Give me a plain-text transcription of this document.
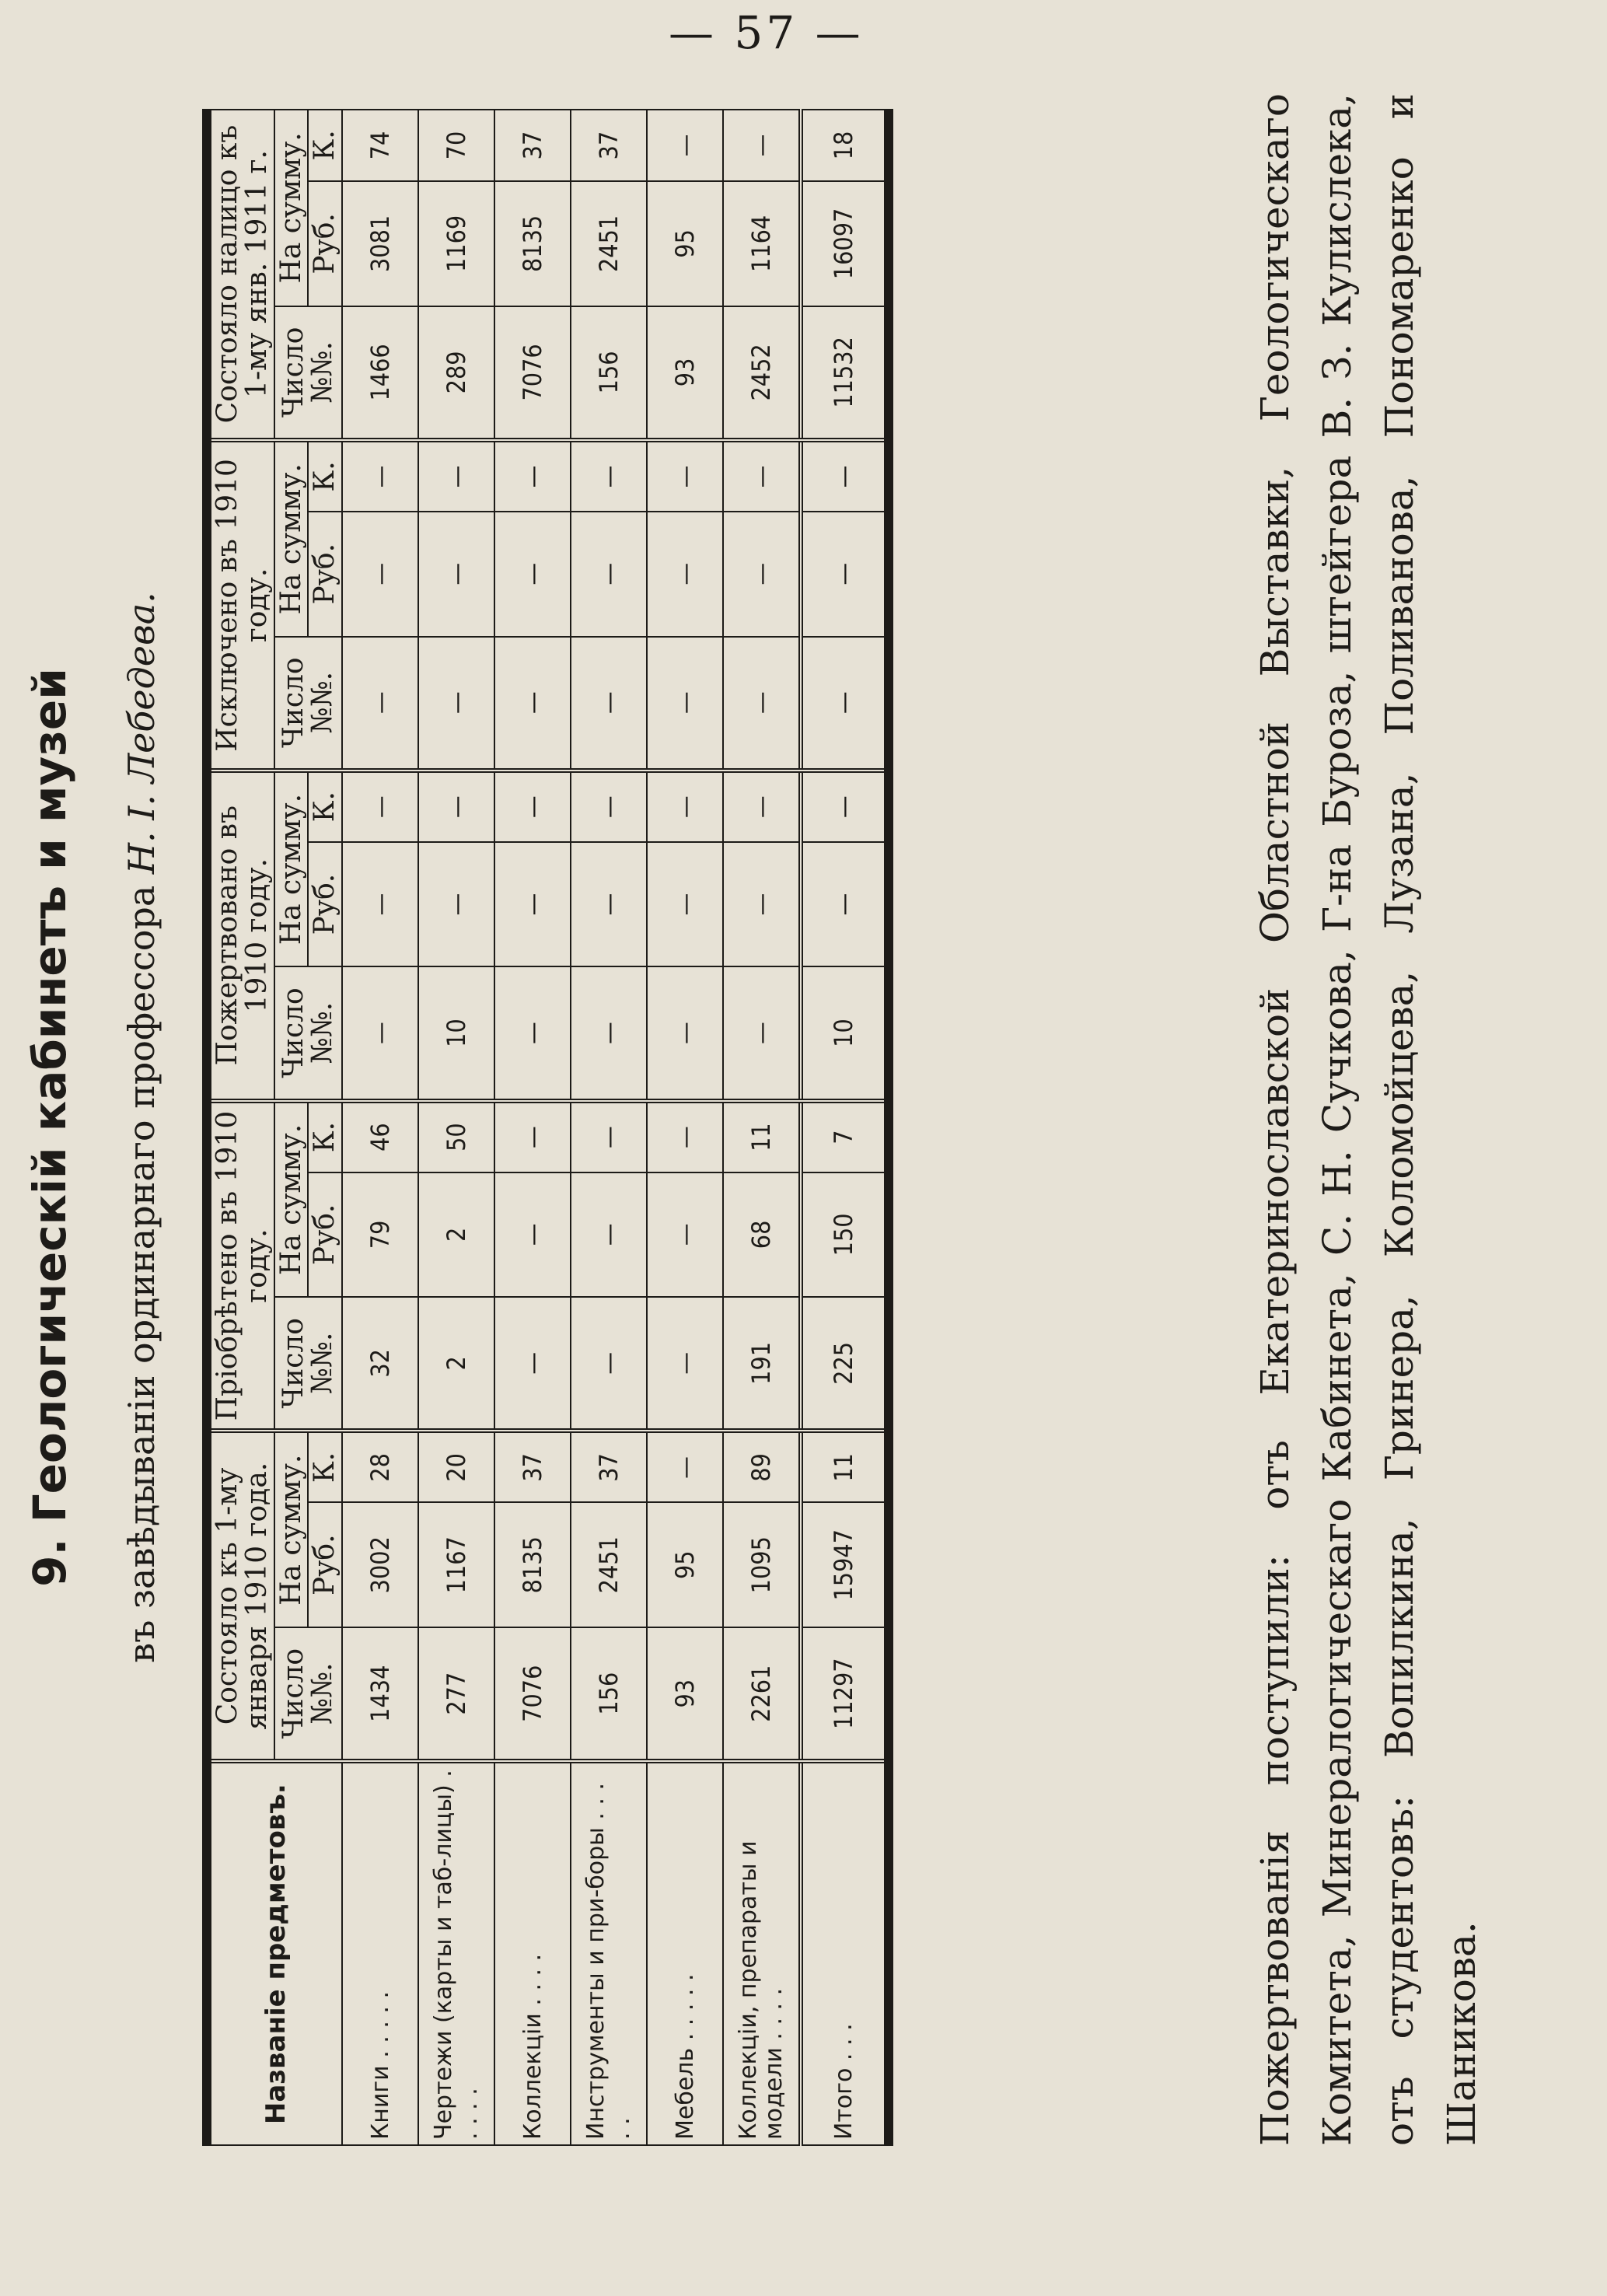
— 57 —
9. Геологическій кабинетъ и музей въ завѣдываніи ординарнаго профессора Н. І. Лебедева.
Названіе предметовъ.	Состояло къ 1-му января 1910 года.			Пріобрѣтено въ 1910 году.			Пожертвовано въ 1910 году.			Исключено въ 1910 году.			Состояло налицо къ 1-му янв. 1911 г.		
	Число №№.	На сумму.		Число №№.	На сумму.		Число №№.	На сумму.		Число №№.	На сумму.		Число №№.	На сумму.	
		Руб.	К.		Руб.	К.		Руб.	К.		Руб.	К.		Руб.	К.
Книги . . . . .	1434	3002	28	32	79	46	—	—	—	—	—	—	1466	3081	74
Чертежи (карты и таб-лицы) . . . . .	277	1167	20	2	2	50	10	—	—	—	—	—	289	1169	70
Коллекціи . . . .	7076	8135	37	—	—	—	—	—	—	—	—	—	7076	8135	37
Инструменты и при-боры . . . . .	156	2451	37	—	—	—	—	—	—	—	—	—	156	2451	37
Мебель . . . . .	93	95	—	—	—	—	—	—	—	—	—	—	93	95	—
Коллекціи, препараты и модели . . . .	2261	1095	89	191	68	11	—	—	—	—	—	—	2452	1164	—
Итого . . .	11297	15947	11	225	150	7	10	—	—	—	—	—	11532	16097	18	Пожертвованія поступили: отъ Екатеринославской Областной Выставки, Геологическаго Комитета, Минералогическаго Кабинета, С. Н. Сучкова, Г-на Буроза, штейгера В. З. Кулислека, отъ студентовъ: Вопилкина, Гринера, Коломойцева, Лузана, Поливанова, Пономаренко и Шаникова.
